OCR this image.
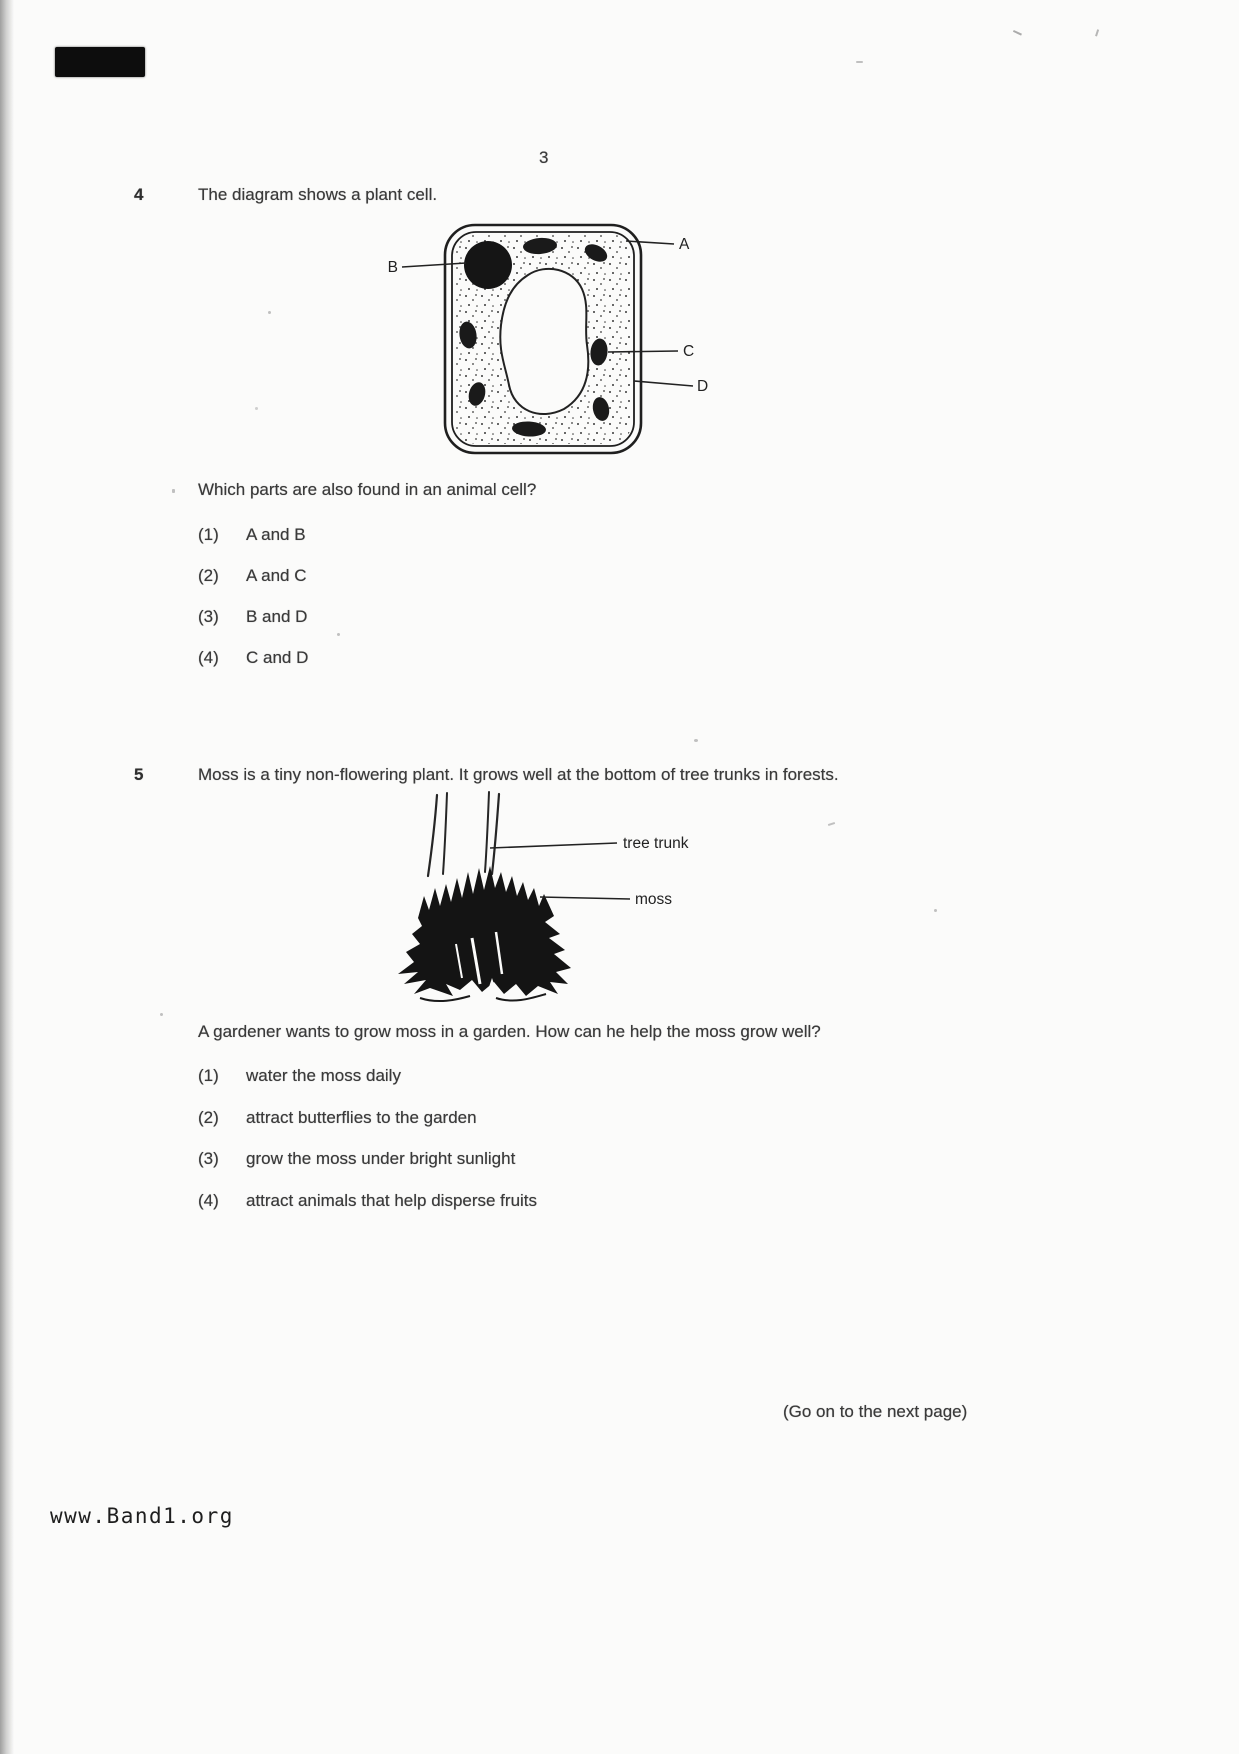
3
4	The diagram shows a plant cell.
A
B
C
D
Which parts are also found in an animal cell?
(1) A and B
(2) A and C
(3) B and D
(4) C and D
5	Moss is a tiny non-flowering plant. It grows well at the bottom of tree trunks in forests.
tree trunk
moss
A gardener wants to grow moss in a garden. How can he help the moss grow well?
(1) water the moss daily
(2) attract butterflies to the garden
(3) grow the moss under bright sunlight
(4) attract animals that help disperse fruits
(Go on to the next page)
www.Band1.org
